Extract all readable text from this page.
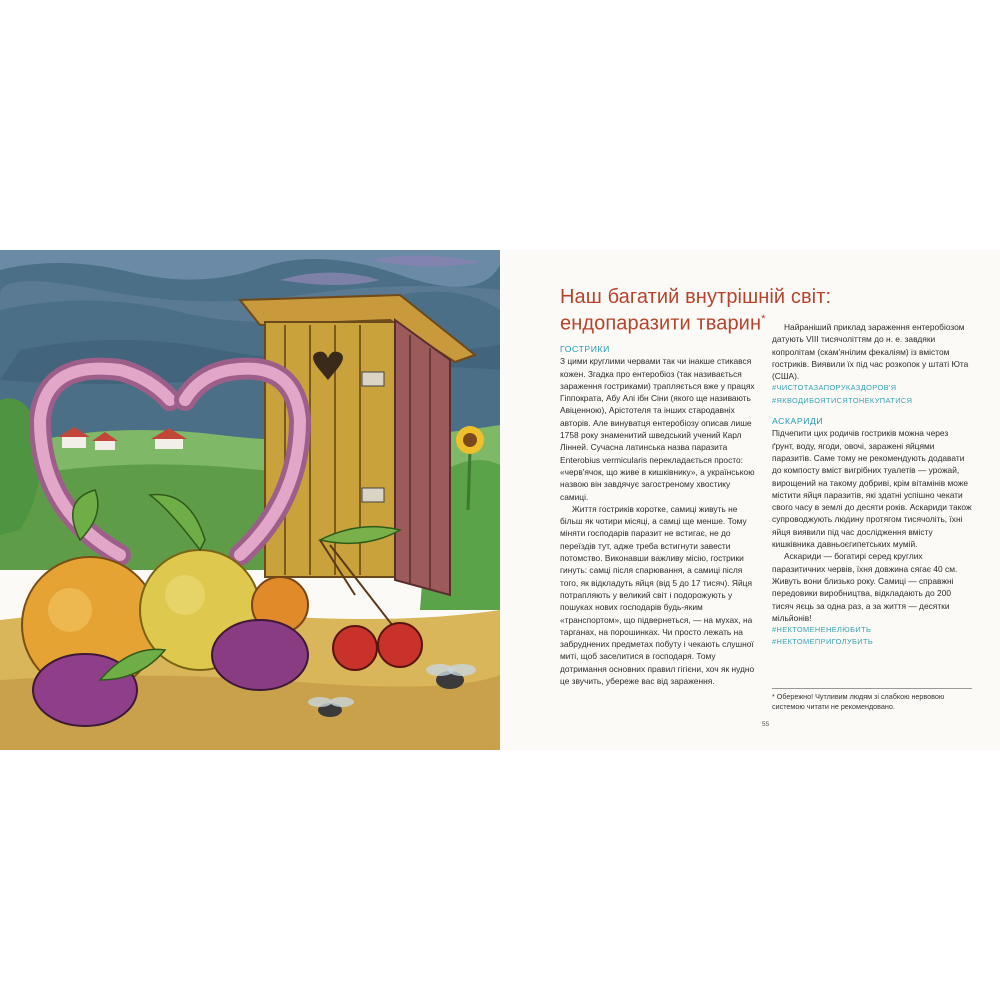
Наш багатий внутрішній світ:
ендопаразити тварин*

ГОСТРИКИ

З цими круглими червами так чи інакше стикався кожен. Згадка про ентеробіоз (так називається зараження гостриками) трапляється вже у працях Гіппократа, Абу Алі ібн Сіни (якого ще називають Авіценною), Арістотеля та інших стародавніх авторів. Але винуватця ентеробіозу описав лише 1758 року знаменитий шведський учений Карл Лінней. Сучасна латинська назва паразита Enterobius vermicularis перекладається просто: «черв'ячок, що живе в кишківнику», а українською назвою він завдячує загостреному хвостику самиці.

Життя гостриків коротке, самиці живуть не більш як чотири місяці, а самці ще менше. Тому міняти господарів паразит не встигає, не до переїздів тут, адже треба встигнути завести потомство. Виконавши важливу місію, гострики гинуть: самці після спарювання, а самиці після того, як відкладуть яйця (від 5 до 17 тисяч). Яйця потрапляють у великий світ і подорожують у пошуках нових господарів будь-яким «транспортом», що підвернеться, — на мухах, на тарганах, на порошинках. Чи просто лежать на забруднених предметах побуту і чекають слушної миті, щоб заселитися в господаря. Тому дотримання основних правил гігієни, хоч як нудно це звучить, убереже вас від зараження.

Найраніший приклад зараження ентеробіозом датують VIII тисячоліттям до н. е. завдяки копролітам (скам'янілим фекаліям) із вмістом гостриків. Виявили їх під час розкопок у штаті Юта (США).

#ЧИСТОТАЗАПОРУКАЗДОРОВ'Я

#ЯКВОДИБОЯТИСЯТОНЕКУПАТИСЯ

АСКАРИДИ

Підчепити цих родичів гостриків можна через ґрунт, воду, ягоди, овочі, заражені яйцями паразитів. Саме тому не рекомендують додавати до компосту вміст вигрібних туалетів — урожай, вирощений на такому добриві, крім вітамінів може містити яйця паразитів, які здатні успішно чекати свого часу в землі до десяти років. Аскариди також супроводжують людину протягом тисячоліть, їхні яйця виявили під час дослідження вмісту кишківника давньоєгипетських мумій.

Аскариди — богатирі серед круглих паразитичних червів, їхня довжина сягає 40 см. Живуть вони близько року. Самиці — справжні передовики виробництва, відкладають до 200 тисяч яєць за одна раз, а за життя — десятки мільйонів!

#НЕКТОМЕНЕНЕЛЮБИТЬ

#НЕКТОМЕПРИГОЛУБИТЬ

* Обережно! Чутливим людям зі слабкою нервовою системою читати не рекомендовано.
55
